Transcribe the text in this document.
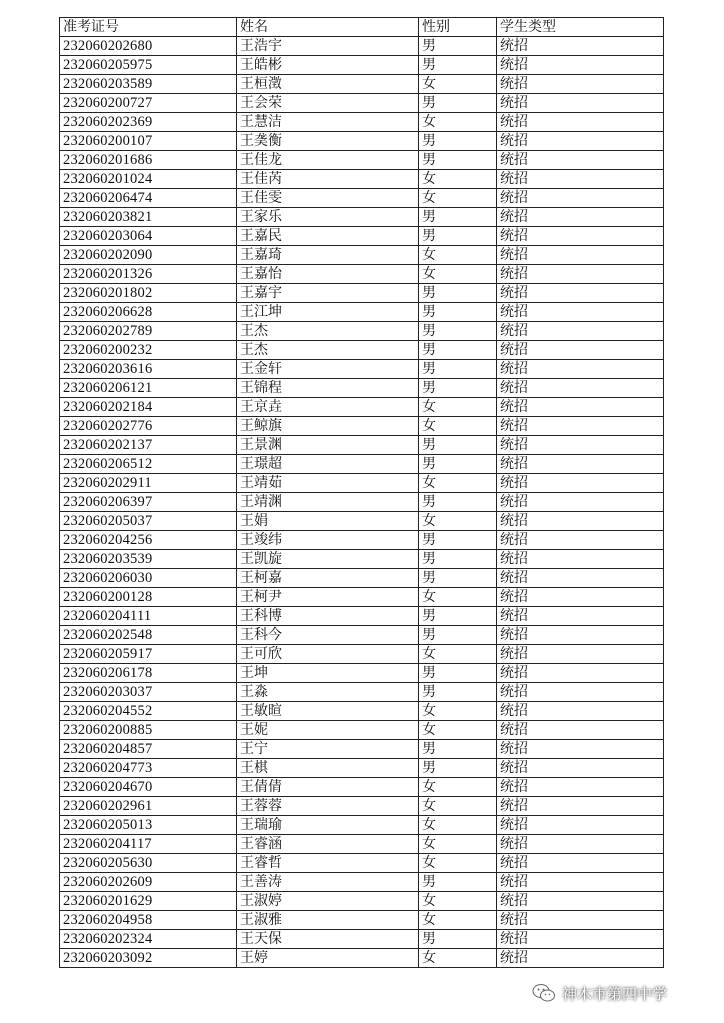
准考证号	姓名	性别	学生类型
232060202680	王浩宇	男	统招
232060205975	王皓彬	男	统招
232060203589	王桓澂	女	统招
232060200727	王会荣	男	统招
232060202369	王慧洁	女	统招
232060200107	王䶮衡	男	统招
232060201686	王佳龙	男	统招
232060201024	王佳芮	女	统招
232060206474	王佳雯	女	统招
232060203821	王家乐	男	统招
232060203064	王嘉民	男	统招
232060202090	王嘉琦	女	统招
232060201326	王嘉怡	女	统招
232060201802	王嘉宇	男	统招
232060206628	王江坤	男	统招
232060202789	王杰	男	统招
232060200232	王杰	男	统招
232060203616	王金轩	男	统招
232060206121	王锦程	男	统招
232060202184	王京垚	女	统招
232060202776	王鲸旗	女	统招
232060202137	王景渊	男	统招
232060206512	王璟超	男	统招
232060202911	王靖茹	女	统招
232060206397	王靖渊	男	统招
232060205037	王娟	女	统招
232060204256	王竣纬	男	统招
232060203539	王凯旋	男	统招
232060206030	王柯嘉	男	统招
232060200128	王柯尹	女	统招
232060204111	王科博	男	统招
232060202548	王科今	男	统招
232060205917	王可欣	女	统招
232060206178	王坤	男	统招
232060203037	王淼	男	统招
232060204552	王敏暄	女	统招
232060200885	王妮	女	统招
232060204857	王宁	男	统招
232060204773	王棋	男	统招
232060204670	王倩倩	女	统招
232060202961	王蓉蓉	女	统招
232060205013	王瑞瑜	女	统招
232060204117	王睿涵	女	统招
232060205630	王睿哲	女	统招
232060202609	王善涛	男	统招
232060201629	王淑婷	女	统招
232060204958	王淑雅	女	统招
232060202324	王天保	男	统招
232060203092	王婷	女	统招
神木市第四中学
